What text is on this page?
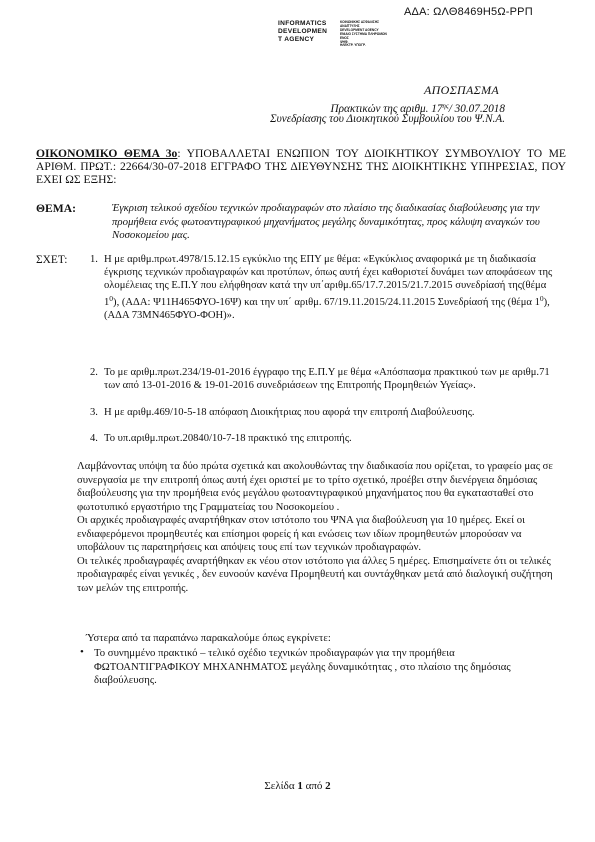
ΑΔΑ: ΩΛΘ8469Η5Ω-ΡΡΠ
INFORMATICS
DEVELOPMEN
T AGENCY
ΚΟΙΝΩΝΙΚΗΣ ΑΣΦΑΛΙΣΗΣ
ΑΝΑΠΤΥΞΗΣ
DEVELOPMENT AGENCY
ΕΝΙΑΙΟ ΣΥΣΤΗΜΑ ΠΛΗΡΩΜΩΝ
ΕΝΟΣ
ΨΗΦ.
ΗΛΕΚΤΡ. ΥΠΟΓΡ.
ΑΠΟΣΠΑΣΜΑ
Πρακτικών της αριθμ. $17^{\eta\varsigma}/$ 30.07.2018
Συνεδρίασης του Διοικητικού Συμβουλίου του Ψ.Ν.Α.
ΟΙΚΟΝΟΜΙΚΟ ΘΕΜΑ 3ο: ΥΠΟΒΑΛΛΕΤΑΙ ΕΝΩΠΙΟΝ ΤΟΥ ΔΙΟΙΚΗΤΙΚΟΥ ΣΥΜΒΟΥΛΙΟΥ ΤΟ ΜΕ ΑΡΙΘΜ. ΠΡΩΤ.: 22664/30-07-2018 ΕΓΓΡΑΦΟ ΤΗΣ ΔΙΕΥΘΥΝΣΗΣ ΤΗΣ ΔΙΟΙΚΗΤΙΚΗΣ ΥΠΗΡΕΣΙΑΣ, ΠΟΥ ΕΧΕΙ ΩΣ ΕΞΗΣ:
ΘΕΜΑ:	Έγκριση τελικού σχεδίου τεχνικών προδιαγραφών στο πλαίσιο της διαδικασίας διαβούλευσης για την προμήθεια ενός φωτοαντιγραφικού μηχανήματος μεγάλης δυναμικότητας, προς κάλυψη αναγκών του Νοσοκομείου μας.
ΣΧΕΤ: 1. Η με αριθμ.πρωτ.4978/15.12.15 εγκύκλιο της ΕΠΥ με θέμα: «Εγκύκλιος αναφορικά με τη διαδικασία έγκρισης τεχνικών προδιαγραφών και προτύπων, όπως αυτή έχει καθοριστεί δυνάμει των αποφάσεων της ολομέλειας της Ε.Π.Υ που ελήφθησαν κατά την υπ΄αριθμ.65/17.7.2015/21.7.2015 συνεδρίασή της(θέμα $1^0$), (ΑΔΑ: Ψ11Η465ΦΥΟ-16Ψ) και την υπ΄ αριθμ. 67/19.11.2015/24.11.2015 Συνεδρίασή της (θέμα $1^0$), (ΑΔΑ 73ΜΝ465ΦΥΟ-ΦΟΗ)».
2. Το με αριθμ.πρωτ.234/19-01-2016 έγγραφο της Ε.Π.Υ με θέμα «Απόσπασμα πρακτικού των με αριθμ.71 των από 13-01-2016 & 19-01-2016 συνεδριάσεων της Επιτροπής Προμηθειών Υγείας».
3. Η με αριθμ.469/10-5-18 απόφαση Διοικήτριας που αφορά την επιτροπή Διαβούλευσης.
4. Το υπ.αριθμ.πρωτ.20840/10-7-18 πρακτικό της επιτροπής.

Λαμβάνοντας υπόψη τα δύο πρώτα σχετικά και ακολουθώντας την διαδικασία που ορίζεται, το γραφείο μας σε συνεργασία με την επιτροπή όπως αυτή έχει οριστεί με το τρίτο σχετικό, προέβει στην διενέργεια δημόσιας διαβούλευσης για την προμήθεια ενός μεγάλου φωτοαντιγραφικού μηχανήματος που θα εγκατασταθεί στο φωτοτυπικό εργαστήριο της Γραμματείας του Νοσοκομείου .

Οι αρχικές προδιαγραφές αναρτήθηκαν στον ιστότοπο του ΨΝΑ για διαβούλευση για 10 ημέρες. Εκεί οι ενδιαφερόμενοι προμηθευτές και επίσημοι φορείς ή και ενώσεις των ιδίων προμηθευτών μπορούσαν να υποβάλουν τις παρατηρήσεις και απόψεις τους επί των τεχνικών προδιαγραφών.

Οι τελικές προδιαγραφές αναρτήθηκαν εκ νέου στον ιστότοπο για άλλες 5 ημέρες. Επισημαίνετε ότι οι τελικές προδιαγραφές είναι γενικές , δεν ευνοούν κανένα Προμηθευτή και συντάχθηκαν μετά από διαλογική συζήτηση των μελών της επιτροπής.

Ύστερα από τα παραπάνω παρακαλούμε όπως εγκρίνετε:
• Το συνημμένο πρακτικό – τελικό σχέδιο τεχνικών προδιαγραφών για την προμήθεια ΦΩΤΟΑΝΤΙΓΡΑΦΙΚΟΥ ΜΗΧΑΝΗΜΑΤΟΣ μεγάλης δυναμικότητας , στο πλαίσιο της δημόσιας διαβούλευσης.
Σελίδα 1 από 2
